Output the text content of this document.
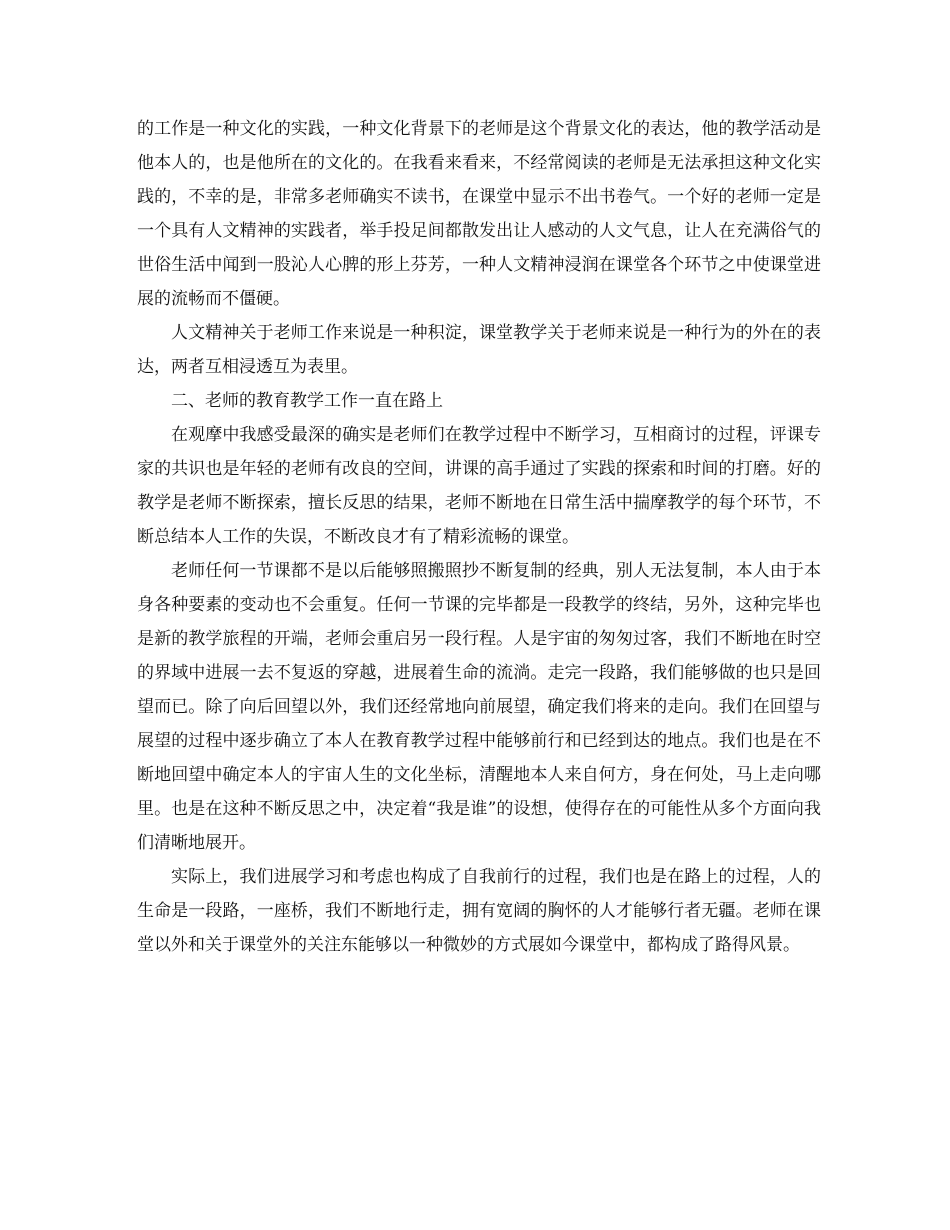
的工作是一种文化的实践，一种文化背景下的老师是这个背景文化的表达，他的教学活动是他本人的，也是他所在的文化的。在我看来看来，不经常阅读的老师是无法承担这种文化实践的，不幸的是，非常多老师确实不读书，在课堂中显示不出书卷气。一个好的老师一定是一个具有人文精神的实践者，举手投足间都散发出让人感动的人文气息，让人在充满俗气的世俗生活中闻到一股沁人心脾的形上芬芳，一种人文精神浸润在课堂各个环节之中使课堂进展的流畅而不僵硬。

人文精神关于老师工作来说是一种积淀，课堂教学关于老师来说是一种行为的外在的表达，两者互相浸透互为表里。

二、老师的教育教学工作一直在路上

在观摩中我感受最深的确实是老师们在教学过程中不断学习，互相商讨的过程，评课专家的共识也是年轻的老师有改良的空间，讲课的高手通过了实践的探索和时间的打磨。好的教学是老师不断探索，擅长反思的结果，老师不断地在日常生活中揣摩教学的每个环节，不断总结本人工作的失误，不断改良才有了精彩流畅的课堂。

老师任何一节课都不是以后能够照搬照抄不断复制的经典，别人无法复制，本人由于本身各种要素的变动也不会重复。任何一节课的完毕都是一段教学的终结，另外，这种完毕也是新的教学旅程的开端，老师会重启另一段行程。人是宇宙的匆匆过客，我们不断地在时空的界域中进展一去不复返的穿越，进展着生命的流淌。走完一段路，我们能够做的也只是回望而已。除了向后回望以外，我们还经常地向前展望，确定我们将来的走向。我们在回望与展望的过程中逐步确立了本人在教育教学过程中能够前行和已经到达的地点。我们也是在不断地回望中确定本人的宇宙人生的文化坐标，清醒地本人来自何方，身在何处，马上走向哪里。也是在这种不断反思之中，决定着“我是谁”的设想，使得存在的可能性从多个方面向我们清晰地展开。

实际上，我们进展学习和考虑也构成了自我前行的过程，我们也是在路上的过程，人的生命是一段路，一座桥，我们不断地行走，拥有宽阔的胸怀的人才能够行者无疆。老师在课堂以外和关于课堂外的关注东能够以一种微妙的方式展如今课堂中，都构成了路得风景。
